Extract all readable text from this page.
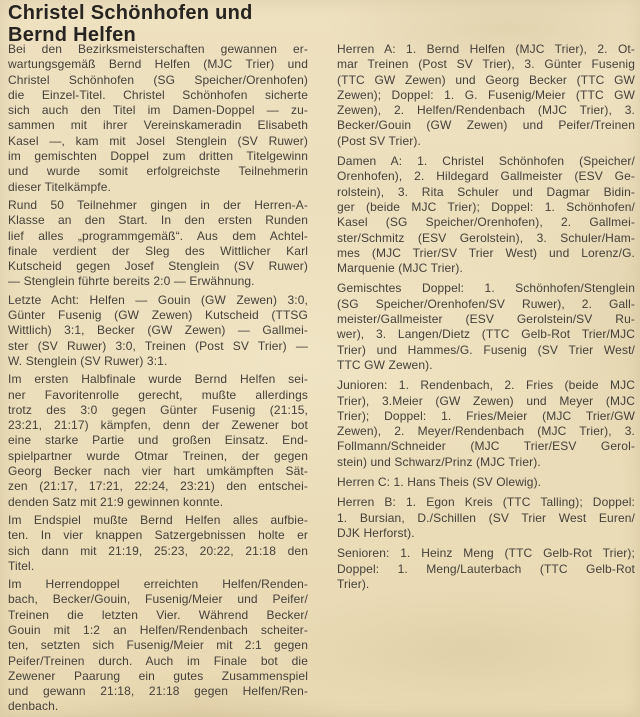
Christel Schönhofen und
Bernd Helfen

Bei den Bezirksmeisterschaften gewannen er-
wartungsgemäß Bernd Helfen (MJC Trier) und
Christel Schönhofen (SG Speicher/Orenhofen)
die Einzel-Titel. Christel Schönhofen sicherte
sich auch den Titel im Damen-Doppel — zu-
sammen mit ihrer Vereinskameradin Elisabeth
Kasel —, kam mit Josel Stenglein (SV Ruwer)
im gemischten Doppel zum dritten Titelgewinn
und wurde somit erfolgreichste Teilnehmerin
dieser Titelkämpfe.

Rund 50 Teilnehmer gingen in der Herren-A-
Klasse an den Start. In den ersten Runden
lief alles „programmgemäß“. Aus dem Achtel-
finale verdient der Sleg des Wittlicher Karl
Kutscheid gegen Josef Stenglein (SV Ruwer)
— Stenglein führte bereits 2:0 — Erwähnung.

Letzte Acht: Helfen — Gouin (GW Zewen) 3:0,
Günter Fusenig (GW Zewen) Kutscheid (TTSG
Wittlich) 3:1, Becker (GW Zewen) — Gallmei-
ster (SV Ruwer) 3:0, Treinen (Post SV Trier) —
W. Stenglein (SV Ruwer) 3:1.

Im ersten Halbfinale wurde Bernd Helfen sei-
ner Favoritenrolle gerecht, mußte allerdings
trotz des 3:0 gegen Günter Fusenig (21:15,
23:21, 21:17) kämpfen, denn der Zewener bot
eine starke Partie und großen Einsatz. End-
spielpartner wurde Otmar Treinen, der gegen
Georg Becker nach vier hart umkämpften Sät-
zen (21:17, 17:21, 22:24, 23:21) den entschei-
denden Satz mit 21:9 gewinnen konnte.

Im Endspiel mußte Bernd Helfen alles aufbie-
ten. In vier knappen Satzergebnissen holte er
sich dann mit 21:19, 25:23, 20:22, 21:18 den
Titel.

Im Herrendoppel erreichten Helfen/Renden-
bach, Becker/Gouin, Fusenig/Meier und Peifer/
Treinen die letzten Vier. Während Becker/
Gouin mit 1:2 an Helfen/Rendenbach scheiter-
ten, setzten sich Fusenig/Meier mit 2:1 gegen
Peifer/Treinen durch. Auch im Finale bot die
Zewener Paarung ein gutes Zusammenspiel
und gewann 21:18, 21:18 gegen Helfen/Ren-
denbach.

Herren A: 1. Bernd Helfen (MJC Trier), 2. Ot-
mar Treinen (Post SV Trier), 3. Günter Fusenig
(TTC GW Zewen) und Georg Becker (TTC GW
Zewen); Doppel: 1. G. Fusenig/Meier (TTC GW
Zewen), 2. Helfen/Rendenbach (MJC Trier), 3.
Becker/Gouin (GW Zewen) und Peifer/Treinen
(Post SV Trier).

Damen A: 1. Christel Schönhofen (Speicher/
Orenhofen), 2. Hildegard Gallmeister (ESV Ge-
rolstein), 3. Rita Schuler und Dagmar Bidin-
ger (beide MJC Trier); Doppel: 1. Schönhofen/
Kasel (SG Speicher/Orenhofen), 2. Gallmei-
ster/Schmitz (ESV Gerolstein), 3. Schuler/Ham-
mes (MJC Trier/SV Trier West) und Lorenz/G.
Marquenie (MJC Trier).

Gemischtes Doppel: 1. Schönhofen/Stenglein
(SG Speicher/Orenhofen/SV Ruwer), 2. Gall-
meister/Gallmeister (ESV Gerolstein/SV Ru-
wer), 3. Langen/Dietz (TTC Gelb-Rot Trier/MJC
Trier) und Hammes/G. Fusenig (SV Trier West/
TTC GW Zewen).

Junioren: 1. Rendenbach, 2. Fries (beide MJC
Trier), 3.Meier (GW Zewen) und Meyer (MJC
Trier); Doppel: 1. Fries/Meier (MJC Trier/GW
Zewen), 2. Meyer/Rendenbach (MJC Trier), 3.
Follmann/Schneider (MJC Trier/ESV Gerol-
stein) und Schwarz/Prinz (MJC Trier).

Herren C: 1. Hans Theis (SV Olewig).

Herren B: 1. Egon Kreis (TTC Talling); Doppel:
1. Bursian, D./Schillen (SV Trier West Euren/
DJK Herforst).

Senioren: 1. Heinz Meng (TTC Gelb-Rot Trier);
Doppel: 1. Meng/Lauterbach (TTC Gelb-Rot
Trier).
